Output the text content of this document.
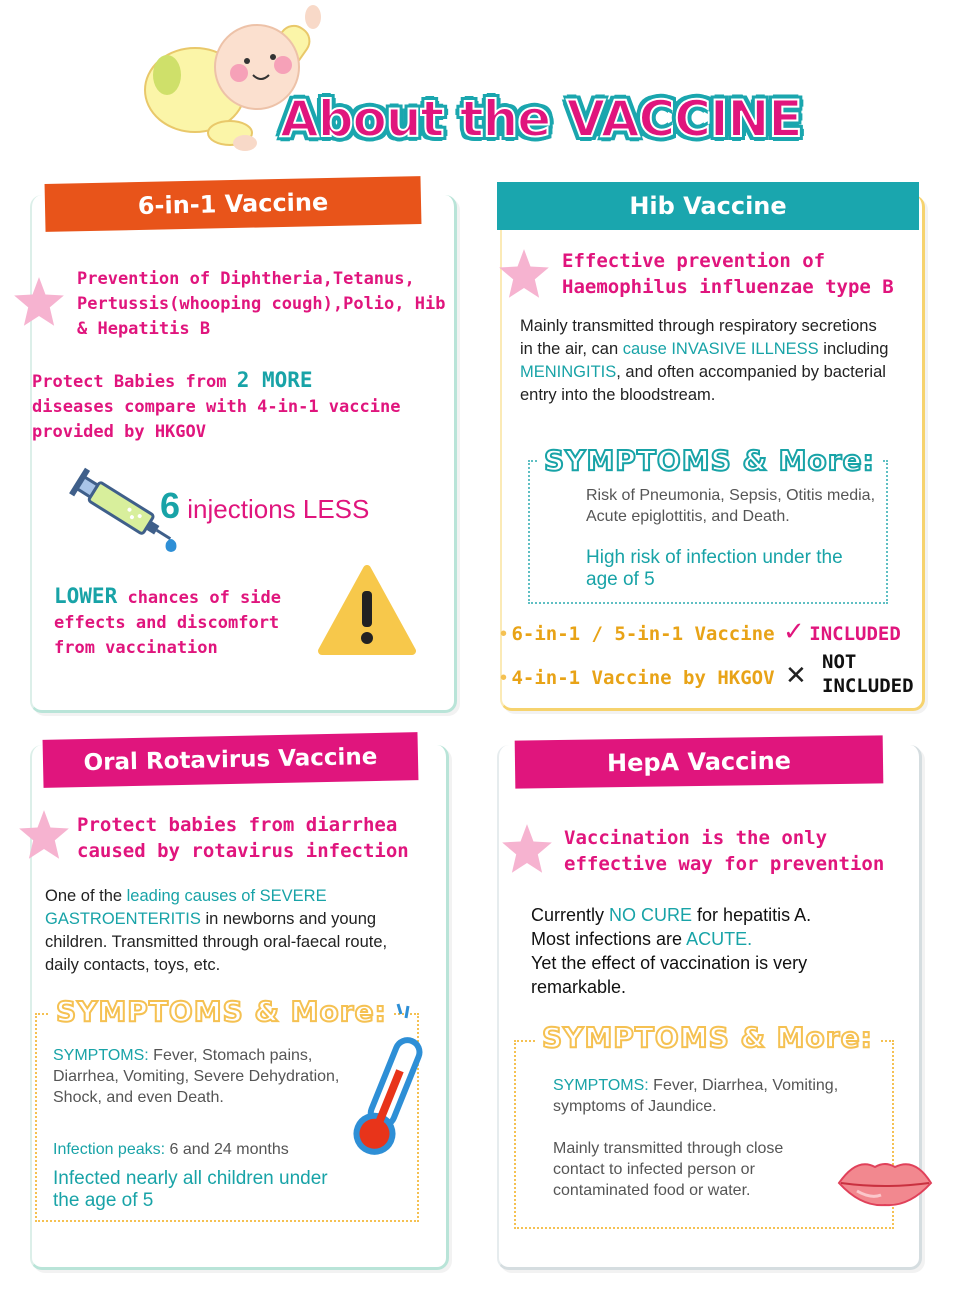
About the VACCINE
6-in-1 Vaccine
Prevention of Diphtheria,Tetanus, Pertussis(whooping cough),Polio, Hib & Hepatitis B
Protect Babies from 2 MORE
diseases compare with 4-in-1 vaccine provided by HKGOV
6 injections LESS
LOWER chances of side effects and discomfort from vaccination
Hib Vaccine
Effective prevention of Haemophilus influenzae type B
Mainly transmitted through respiratory secretions in the air, can cause INVASIVE ILLNESS including MENINGITIS, and often accompanied by bacterial entry into the bloodstream.
SYMPTOMS & More:
Risk of Pneumonia, Sepsis, Otitis media, Acute epiglottitis, and Death.
High risk of infection under the age of 5
• 6-in-1 / 5-in-1 Vaccine ✓ INCLUDED
• 4-in-1 Vaccine by HKGOV ✕ NOT
INCLUDED
Oral Rotavirus Vaccine
Protect babies from diarrhea caused by rotavirus infection
One of the leading causes of SEVERE GASTROENTERITIS in newborns and young children. Transmitted through oral-faecal route, daily contacts, toys, etc.
SYMPTOMS & More:
SYMPTOMS: Fever, Stomach pains, Diarrhea, Vomiting, Severe Dehydration, Shock, and even Death.
Infection peaks: 6 and 24 months
Infected nearly all children under the age of 5
HepA Vaccine
Vaccination is the only effective way for prevention
Currently NO CURE for hepatitis A.
Most infections are ACUTE.
Yet the effect of vaccination is very remarkable.
SYMPTOMS & More:
SYMPTOMS: Fever, Diarrhea, Vomiting, symptoms of Jaundice.
Mainly transmitted through close contact to infected person or contaminated food or water.
